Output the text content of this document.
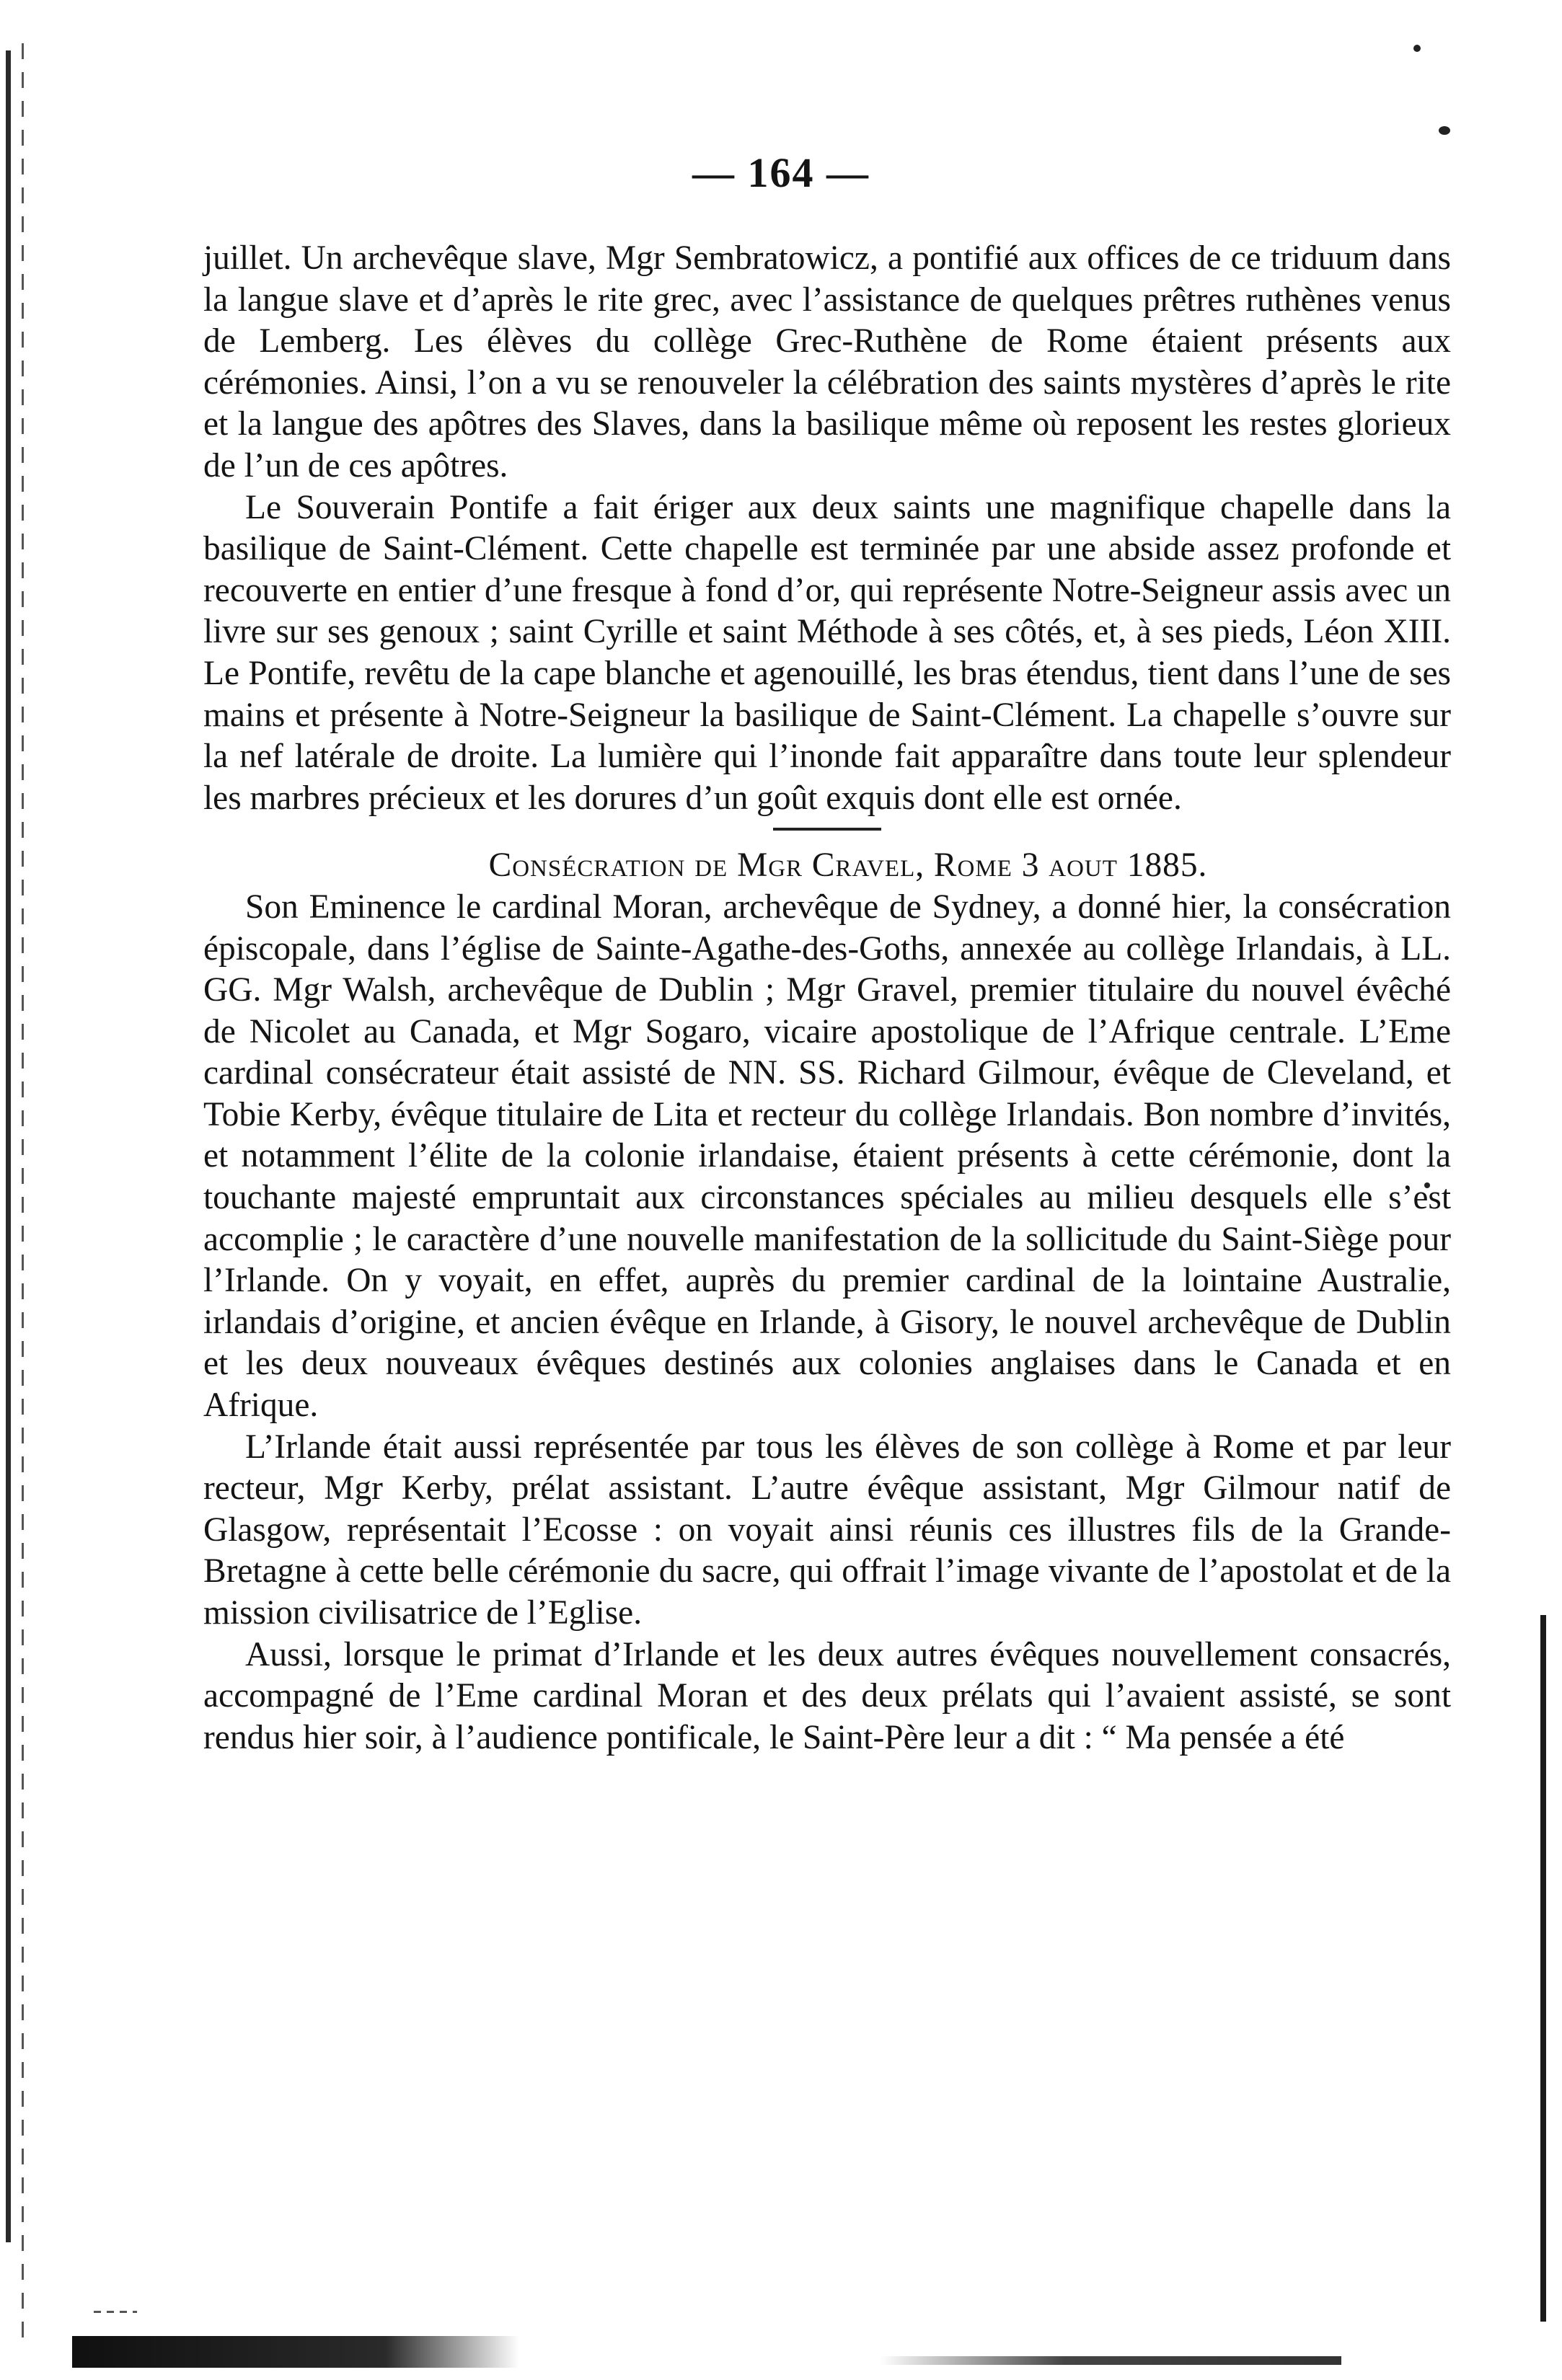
— 164 —

juillet. Un archevêque slave, Mgr Sembratowicz, a pontifié aux offices de ce triduum dans la langue slave et d’après le rite grec, avec l’assistance de quelques prêtres ruthènes venus de Lemberg. Les élèves du collège Grec-Ruthène de Rome étaient présents aux cérémonies. Ainsi, l’on a vu se renouveler la célébration des saints mystères d’après le rite et la langue des apôtres des Slaves, dans la basilique même où reposent les restes glorieux de l’un de ces apôtres.

Le Souverain Pontife a fait ériger aux deux saints une magnifique chapelle dans la basilique de Saint-Clément. Cette chapelle est terminée par une abside assez profonde et recouverte en entier d’une fresque à fond d’or, qui représente Notre-Seigneur assis avec un livre sur ses genoux ; saint Cyrille et saint Méthode à ses côtés, et, à ses pieds, Léon XIII. Le Pontife, revêtu de la cape blanche et agenouillé, les bras étendus, tient dans l’une de ses mains et présente à Notre-Seigneur la basilique de Saint-Clément. La chapelle s’ouvre sur la nef latérale de droite. La lumière qui l’inonde fait apparaître dans toute leur splendeur les marbres précieux et les dorures d’un goût exquis dont elle est ornée.

Consécration de Mgr Cravel, Rome 3 aout 1885.

Son Eminence le cardinal Moran, archevêque de Sydney, a donné hier, la consécration épiscopale, dans l’église de Sainte-Agathe-des-Goths, annexée au collège Irlandais, à LL. GG. Mgr Walsh, archevêque de Dublin ; Mgr Gravel, premier titulaire du nouvel évêché de Nicolet au Canada, et Mgr Sogaro, vicaire apostolique de l’Afrique centrale. L’Eme cardinal consécrateur était assisté de NN. SS. Richard Gilmour, évêque de Cleveland, et Tobie Kerby, évêque titulaire de Lita et recteur du collège Irlandais. Bon nombre d’invités, et notamment l’élite de la colonie irlandaise, étaient présents à cette cérémonie, dont la touchante majesté empruntait aux circonstances spéciales au milieu desquels elle s’est accomplie ; le caractère d’une nouvelle manifestation de la sollicitude du Saint-Siège pour l’Irlande. On y voyait, en effet, auprès du premier cardinal de la lointaine Australie, irlandais d’origine, et ancien évêque en Irlande, à Gisory, le nouvel archevêque de Dublin et les deux nouveaux évêques destinés aux colonies anglaises dans le Canada et en Afrique.

L’Irlande était aussi représentée par tous les élèves de son collège à Rome et par leur recteur, Mgr Kerby, prélat assistant. L’autre évêque assistant, Mgr Gilmour natif de Glasgow, représentait l’Ecosse : on voyait ainsi réunis ces illustres fils de la Grande-Bretagne à cette belle cérémonie du sacre, qui offrait l’image vivante de l’apostolat et de la mission civilisatrice de l’Eglise.

Aussi, lorsque le primat d’Irlande et les deux autres évêques nouvellement consacrés, accompagné de l’Eme cardinal Moran et des deux prélats qui l’avaient assisté, se sont rendus hier soir, à l’audience pontificale, le Saint-Père leur a dit : “ Ma pensée a été
